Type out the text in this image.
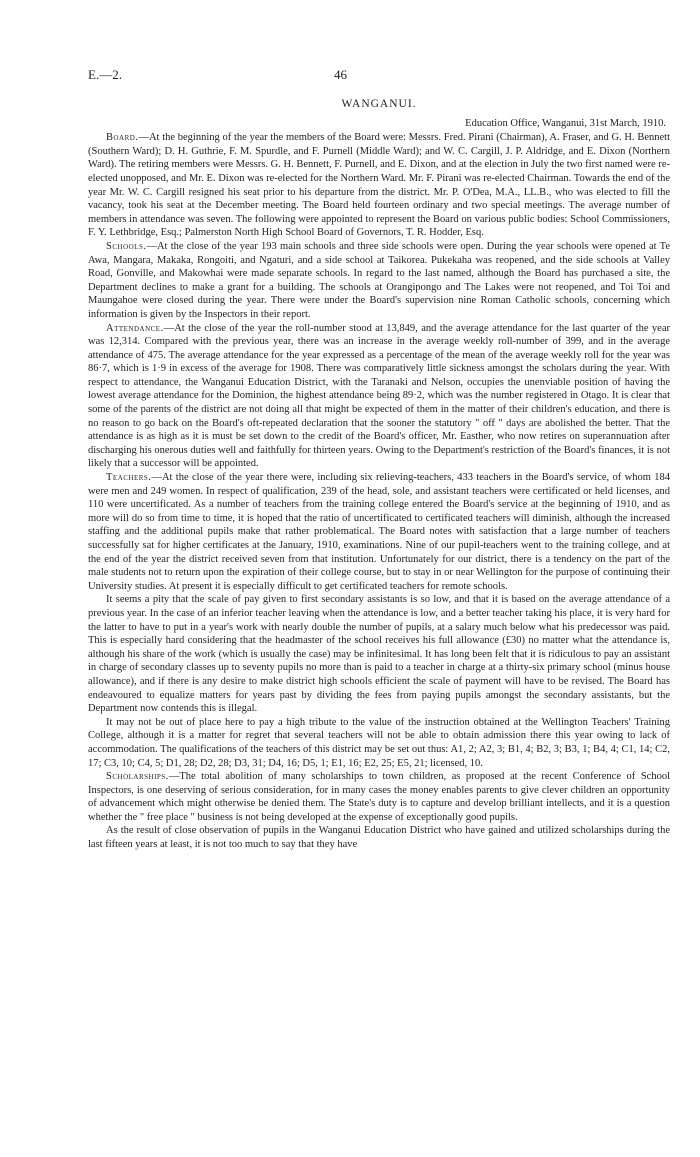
E.—2.	46
WANGANUI.
Education Office, Wanganui, 31st March, 1910.

Board.—At the beginning of the year the members of the Board were: Messrs. Fred. Pirani (Chairman), A. Fraser, and G. H. Bennett (Southern Ward); D. H. Guthrie, F. M. Spurdle, and F. Purnell (Middle Ward); and W. C. Cargill, J. P. Aldridge, and E. Dixon (Northern Ward). The retiring members were Messrs. G. H. Bennett, F. Purnell, and E. Dixon, and at the election in July the two first named were re-elected unopposed, and Mr. E. Dixon was re-elected for the Northern Ward. Mr. F. Pirani was re-elected Chairman. Towards the end of the year Mr. W. C. Cargill resigned his seat prior to his departure from the district. Mr. P. O'Dea, M.A., LL.B., who was elected to fill the vacancy, took his seat at the December meeting. The Board held fourteen ordinary and two special meetings. The average number of members in attendance was seven. The following were appointed to represent the Board on various public bodies: School Commissioners, F. Y. Lethbridge, Esq.; Palmerston North High School Board of Governors, T. R. Hodder, Esq.

Schools.—At the close of the year 193 main schools and three side schools were open. During the year schools were opened at Te Awa, Mangara, Makaka, Rongoiti, and Ngaturi, and a side school at Taikorea. Pukekaha was reopened, and the side schools at Valley Road, Gonville, and Makowhai were made separate schools. In regard to the last named, although the Board has purchased a site, the Department declines to make a grant for a building. The schools at Orangipongo and The Lakes were not reopened, and Toi Toi and Maungahoe were closed during the year. There were under the Board's supervision nine Roman Catholic schools, concerning which information is given by the Inspectors in their report.

Attendance.—At the close of the year the roll-number stood at 13,849, and the average attendance for the last quarter of the year was 12,314. Compared with the previous year, there was an increase in the average weekly roll-number of 399, and in the average attendance of 475. The average attendance for the year expressed as a percentage of the mean of the average weekly roll for the year was 86·7, which is 1·9 in excess of the average for 1908. There was comparatively little sickness amongst the scholars during the year. With respect to attendance, the Wanganui Education District, with the Taranaki and Nelson, occupies the unenviable position of having the lowest average attendance for the Dominion, the highest attendance being 89·2, which was the number registered in Otago. It is clear that some of the parents of the district are not doing all that might be expected of them in the matter of their children's education, and there is no reason to go back on the Board's oft-repeated declaration that the sooner the statutory " off " days are abolished the better. That the attendance is as high as it is must be set down to the credit of the Board's officer, Mr. Easther, who now retires on superannuation after discharging his onerous duties well and faithfully for thirteen years. Owing to the Department's restriction of the Board's finances, it is not likely that a successor will be appointed.

Teachers.—At the close of the year there were, including six relieving-teachers, 433 teachers in the Board's service, of whom 184 were men and 249 women. In respect of qualification, 239 of the head, sole, and assistant teachers were certificated or held licenses, and 110 were uncertificated. As a number of teachers from the training college entered the Board's service at the beginning of 1910, and as more will do so from time to time, it is hoped that the ratio of uncertificated to certificated teachers will diminish, although the increased staffing and the additional pupils make that rather problematical. The Board notes with satisfaction that a large number of teachers successfully sat for higher certificates at the January, 1910, examinations. Nine of our pupil-teachers went to the training college, and at the end of the year the district received seven from that institution. Unfortunately for our district, there is a tendency on the part of the male students not to return upon the expiration of their college course, but to stay in or near Wellington for the purpose of continuing their University studies. At present it is especially difficult to get certificated teachers for remote schools.

It seems a pity that the scale of pay given to first secondary assistants is so low, and that it is based on the average attendance of a previous year. In the case of an inferior teacher leaving when the attendance is low, and a better teacher taking his place, it is very hard for the latter to have to put in a year's work with nearly double the number of pupils, at a salary much below what his predecessor was paid. This is especially hard considering that the headmaster of the school receives his full allowance (£30) no matter what the attendance is, although his share of the work (which is usually the case) may be infinitesimal. It has long been felt that it is ridiculous to pay an assistant in charge of secondary classes up to seventy pupils no more than is paid to a teacher in charge at a thirty-six primary school (minus house allowance), and if there is any desire to make district high schools efficient the scale of payment will have to be revised. The Board has endeavoured to equalize matters for years past by dividing the fees from paying pupils amongst the secondary assistants, but the Department now contends this is illegal.

It may not be out of place here to pay a high tribute to the value of the instruction obtained at the Wellington Teachers' Training College, although it is a matter for regret that several teachers will not be able to obtain admission there this year owing to lack of accommodation. The qualifications of the teachers of this district may be set out thus: A1, 2; A2, 3; B1, 4; B2, 3; B3, 1; B4, 4; C1, 14; C2, 17; C3, 10; C4, 5; D1, 28; D2, 28; D3, 31; D4, 16; D5, 1; E1, 16; E2, 25; E5, 21; licensed, 10.

Scholarships.—The total abolition of many scholarships to town children, as proposed at the recent Conference of School Inspectors, is one deserving of serious consideration, for in many cases the money enables parents to give clever children an opportunity of advancement which might otherwise be denied them. The State's duty is to capture and develop brilliant intellects, and it is a question whether the " free place " business is not being developed at the expense of exceptionally good pupils.

As the result of close observation of pupils in the Wanganui Education District who have gained and utilized scholarships during the last fifteen years at least, it is not too much to say that they have
